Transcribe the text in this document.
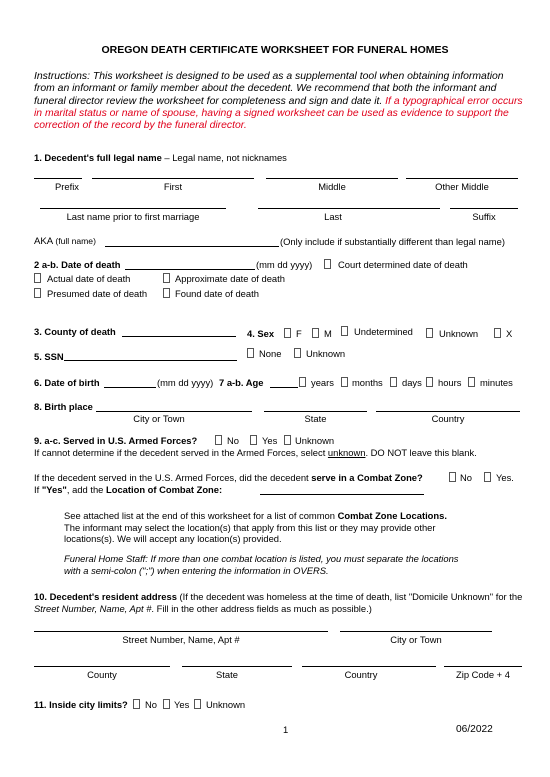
OREGON DEATH CERTIFICATE WORKSHEET FOR FUNERAL HOMES
Instructions: This worksheet is designed to be used as a supplemental tool when obtaining information from an informant or family member about the decedent. We recommend that both the informant and funeral director review the worksheet for completeness and sign and date it. If a typographical error occurs in marital status or name of spouse, having a signed worksheet can be used as evidence to support the correction of the record by the funeral director.
1. Decedent's full legal name – Legal name, not nicknames
Prefix	First	Middle	Other Middle
Last name prior to first marriage	Last	Suffix
AKA (full name)	(Only include if substantially different than legal name)
2 a-b. Date of death	(mm dd yyyy)	Court determined date of death
Actual date of death	Approximate date of death
Presumed date of death	Found date of death
3. County of death	4. Sex F M Undetermined	Unknown	X
5. SSN	None	Unknown
6. Date of birth	(mm dd yyyy) 7 a-b. Age	years months days hours minutes
8. Birth place
City or Town	State	Country
9. a-c. Served in U.S. Armed Forces?	No Yes Unknown
If cannot determine if the decedent served in the Armed Forces, select unknown. DO NOT leave this blank.
If the decedent served in the U.S. Armed Forces, did the decedent serve in a Combat Zone?	No	Yes.
If "Yes", add the Location of Combat Zone:
See attached list at the end of this worksheet for a list of common Combat Zone Locations. The informant may select the location(s) that apply from this list or they may provide other locations(s). We will accept any location(s) provided.
Funeral Home Staff: If more than one combat location is listed, you must separate the locations with a semi-colon (";") when entering the information in OVERS.
10. Decedent's resident address (If the decedent was homeless at the time of death, list "Domicile Unknown" for the Street Number, Name, Apt #. Fill in the other address fields as much as possible.)
Street Number, Name, Apt #	City or Town
County	State	Country	Zip Code + 4
11. Inside city limits? No Yes Unknown
1	06/2022
